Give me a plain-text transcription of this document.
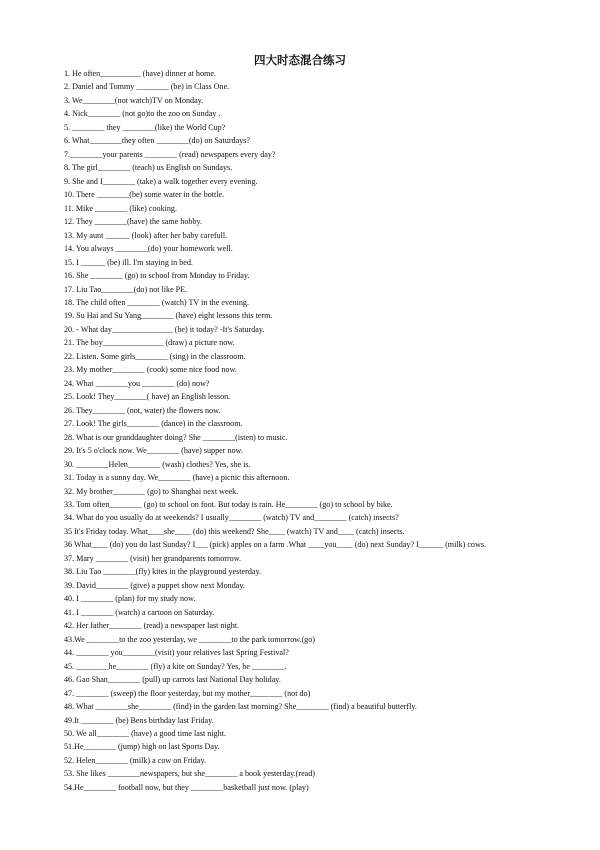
四大时态混合练习
1. He often__________ (have) dinner at home.
2. Daniel and Tommy ________ (be) in Class One.
3. We________(not watch)TV on Monday.
4. Nick________ (not go)to the zoo on Sunday .
5. ________ they ________(like) the World Cup?
6. What________they often ________(do) on Saturdays?
7.________your parents ________ (read) newspapers every day?
8. The girl________ (teach) us English on Sundays.
9. She and I________ (take) a walk together every evening.
10. There ________(be) some water in the bottle.
11. Mike ________ (like) cooking.
12. They ________(have) the same hobby.
13. My aunt ______ (look) after her baby carefull.
14. You always ________(do) your homework well.
15. I ______ (be) ill. I'm staying in bed.
16. She ________ (go) to school from Monday to Friday.
17. Liu Tao________(do) not like PE.
18. The child often ________ (watch) TV in the evening.
19. Su Hai and Su Yang________ (have) eight lessons this term.
20. - What day_______________ (be) it today? -It's Saturday.
21. The boy_______________ (draw) a picture now.
22. Listen. Some girls________ (sing) in the classroom.
23. My mother________ (cook) some nice food now.
24. What ________you ________ (do) now?
25. Look! They________( have) an English lesson.
26. They________ (not, water) the flowers now.
27. Look! The girls________ (dance) in the classroom.
28. What is our granddaughter doing? She ________(isten) to music.
29. It's 5 o'clock now. We________ (have) supper now.
30. ________Helen________ (wash) clothes? Yes, she is.
31. Today is a sunny day. We________ (have) a picnic this afternoon.
32. My brother________ (go) to Shanghai next week.
33. Tom often________ (go) to school on foot. But today is rain. He________ (go) to school by bike.
34. What do you usually do at weekends? I usually________ (watch) TV and________ (catch) insects?
35 It's Friday today. What____she____ (do) this weekend? She____ (watch) TV and____ (catch) insects.
36 What____ (do) you do last Sunday? I___ (pick) apples on a farm .What ____you____ (do) next Sunday? I______ (milk) cows.
37. Mary ________ (visit) her grandparents tomorrow.
38. Liu Tao ________(fly) kites in the playground yesterday.
39. David________ (give) a puppet show next Monday.
40. I ________ (plan) for my study now.
41. I ________ (watch) a cartoon on Saturday.
42. Her father________ (read) a newspaper last night.
43.We ________to the zoo yesterday, we ________to the park tomorrow.(go)
44. ________ you________(visit) your relatives last Spring Festival?
45. ________he________ (fly) a kite on Sunday? Yes, he ________.
46. Gao Shan________ (pull) up carrots last National Day holiday.
47. ________ (sweep) the floor yesterday, but my mother________ (not do)
48. What ________she________ (find) in the garden last morning? She________ (find) a beautiful butterfly.
49.It ________ (be) Bens birthday last Friday.
50. We all________ (have) a good time last night.
51.He________ (jump) high on last Sports Day.
52. Helen________ (milk) a cow on Friday.
53. She likes ________newspapers, but she________ a book yesterday.(read)
54.He________ football now, but they ________basketball just now. (play)
